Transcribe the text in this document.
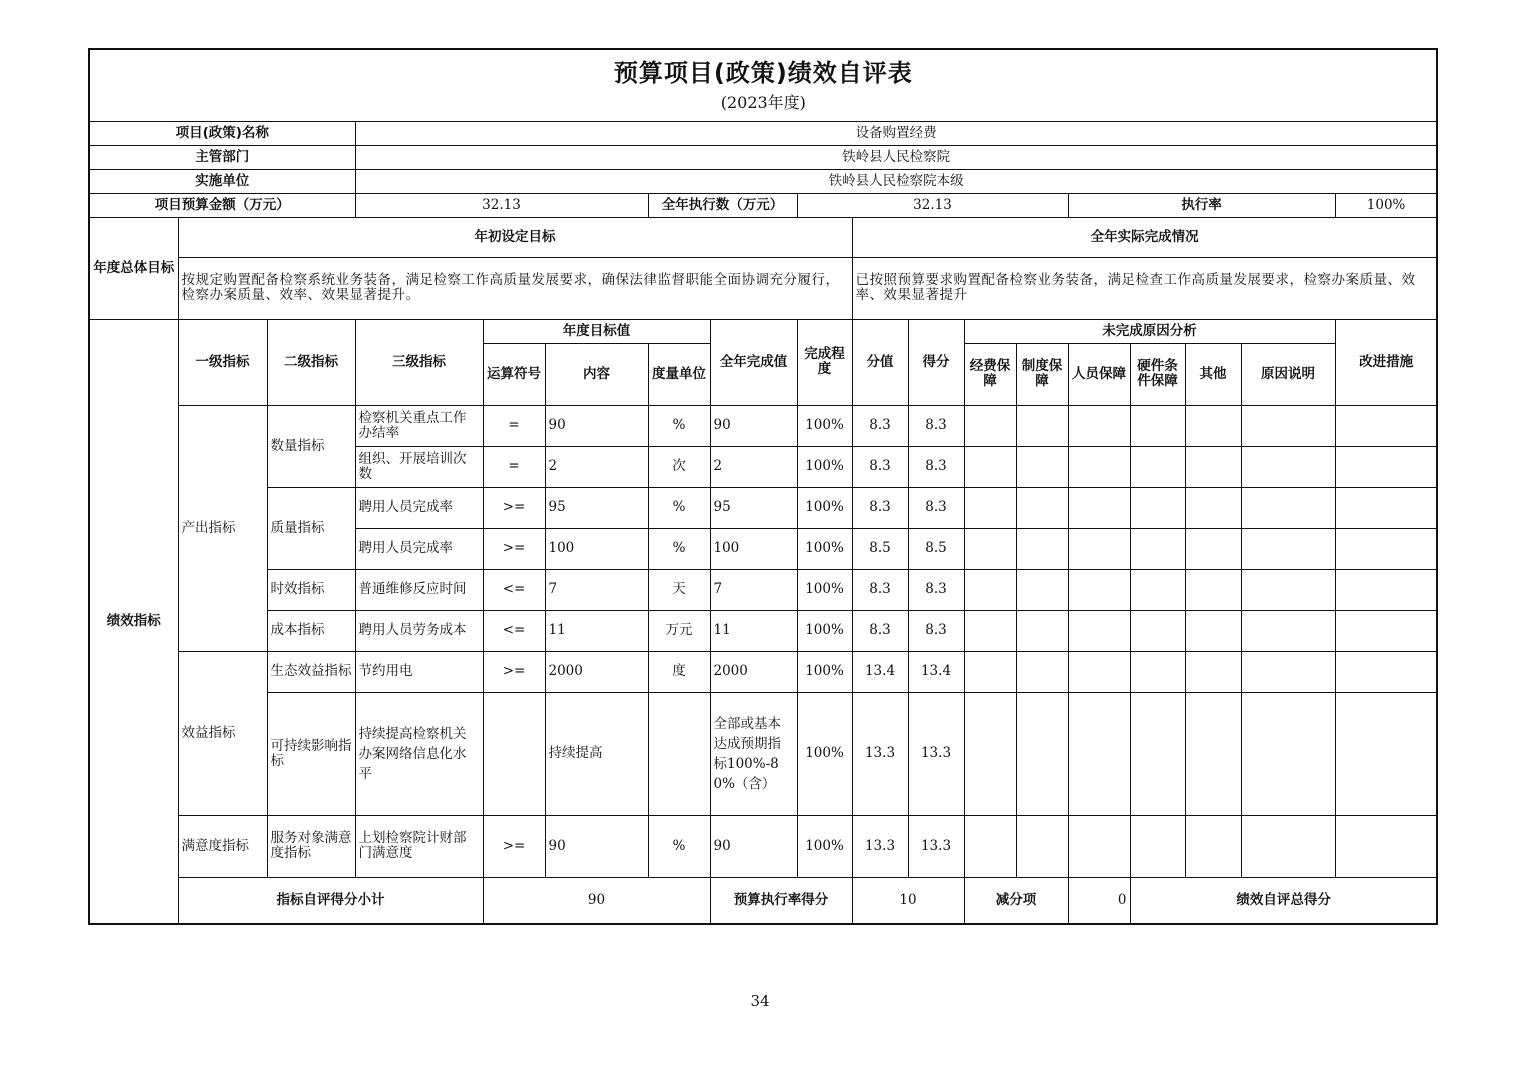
预算项目(政策)绩效自评表
(2023年度)																		

项目(政策)名称			设备购置经费															
主管部门			铁岭县人民检察院															
实施单位			铁岭县人民检察院本级															
项目预算金额（万元）			32.13			全年执行数（万元）		32.13					执行率				100%	
年度总体目标	年初设定目标								全年实际完成情况									
	按规定购置配备检察系统业务装备，满足检察工作高质量发展要求，确保法律监督职能全面协调充分履行，检察办案质量、效率、效果显著提升。								已按照预算要求购置配备检察业务装备，满足检查工作高质量发展要求，检察办案质量、效率、效果显著提升									
绩效指标	一级指标	二级指标	三级指标	年度目标值			全年完成值	完成程度	分值	得分	未完成原因分析						改进措施	
				运算符号	内容	度量单位					经费保障	制度保障	人员保障	硬件条件保障	其他	原因说明		
	产出指标	数量指标	检察机关重点工作办结率	=	90	%	90	100%	8.3	8.3								
			组织、开展培训次数	=	2	次	2	100%	8.3	8.3								
		质量指标	聘用人员完成率	>=	95	%	95	100%	8.3	8.3								
			聘用人员完成率	>=	100	%	100	100%	8.5	8.5								
		时效指标	普通维修反应时间	<=	7	天	7	100%	8.3	8.3								
		成本指标	聘用人员劳务成本	<=	11	万元	11	100%	8.3	8.3								
	效益指标	生态效益指标	节约用电	>=	2000	度	2000	100%	13.4	13.4								
		可持续影响指标	持续提高检察机关办案网络信息化水平		持续提高		全部或基本达成预期指标100%-80%（含）	100%	13.3	13.3								
	满意度指标	服务对象满意度指标	上划检察院计财部门满意度	>=	90	%	90	100%	13.3	13.3								
	指标自评得分小计			90			预算执行率得分		10		减分项		0	绩效自评总得分	
34
